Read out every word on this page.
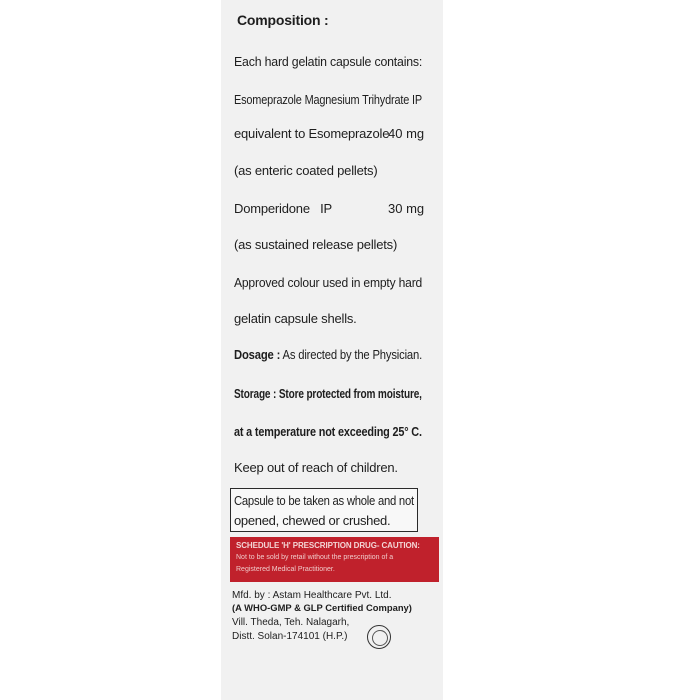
Composition :
Each hard gelatin capsule contains:
Esomeprazole Magnesium Trihydrate IP
equivalent to Esomeprazole
40 mg
(as enteric coated pellets)
Domperidone   IP	30 mg
(as sustained release pellets)
Approved colour used in empty hard
gelatin capsule shells.
Dosage : As directed by the Physician.
Storage : Store protected from moisture,
at a temperature not exceeding 25° C.
Keep out of reach of children.
Capsule to be taken as whole and not
opened, chewed or crushed.
SCHEDULE 'H' PRESCRIPTION DRUG- CAUTION:
Not to be sold by retail without the prescription of a
Registered Medical Practitioner.
Mfd. by : Astam Healthcare Pvt. Ltd.
(A WHO-GMP & GLP Certified Company)
Vill. Theda, Teh. Nalagarh,
Distt. Solan-174101 (H.P.)
